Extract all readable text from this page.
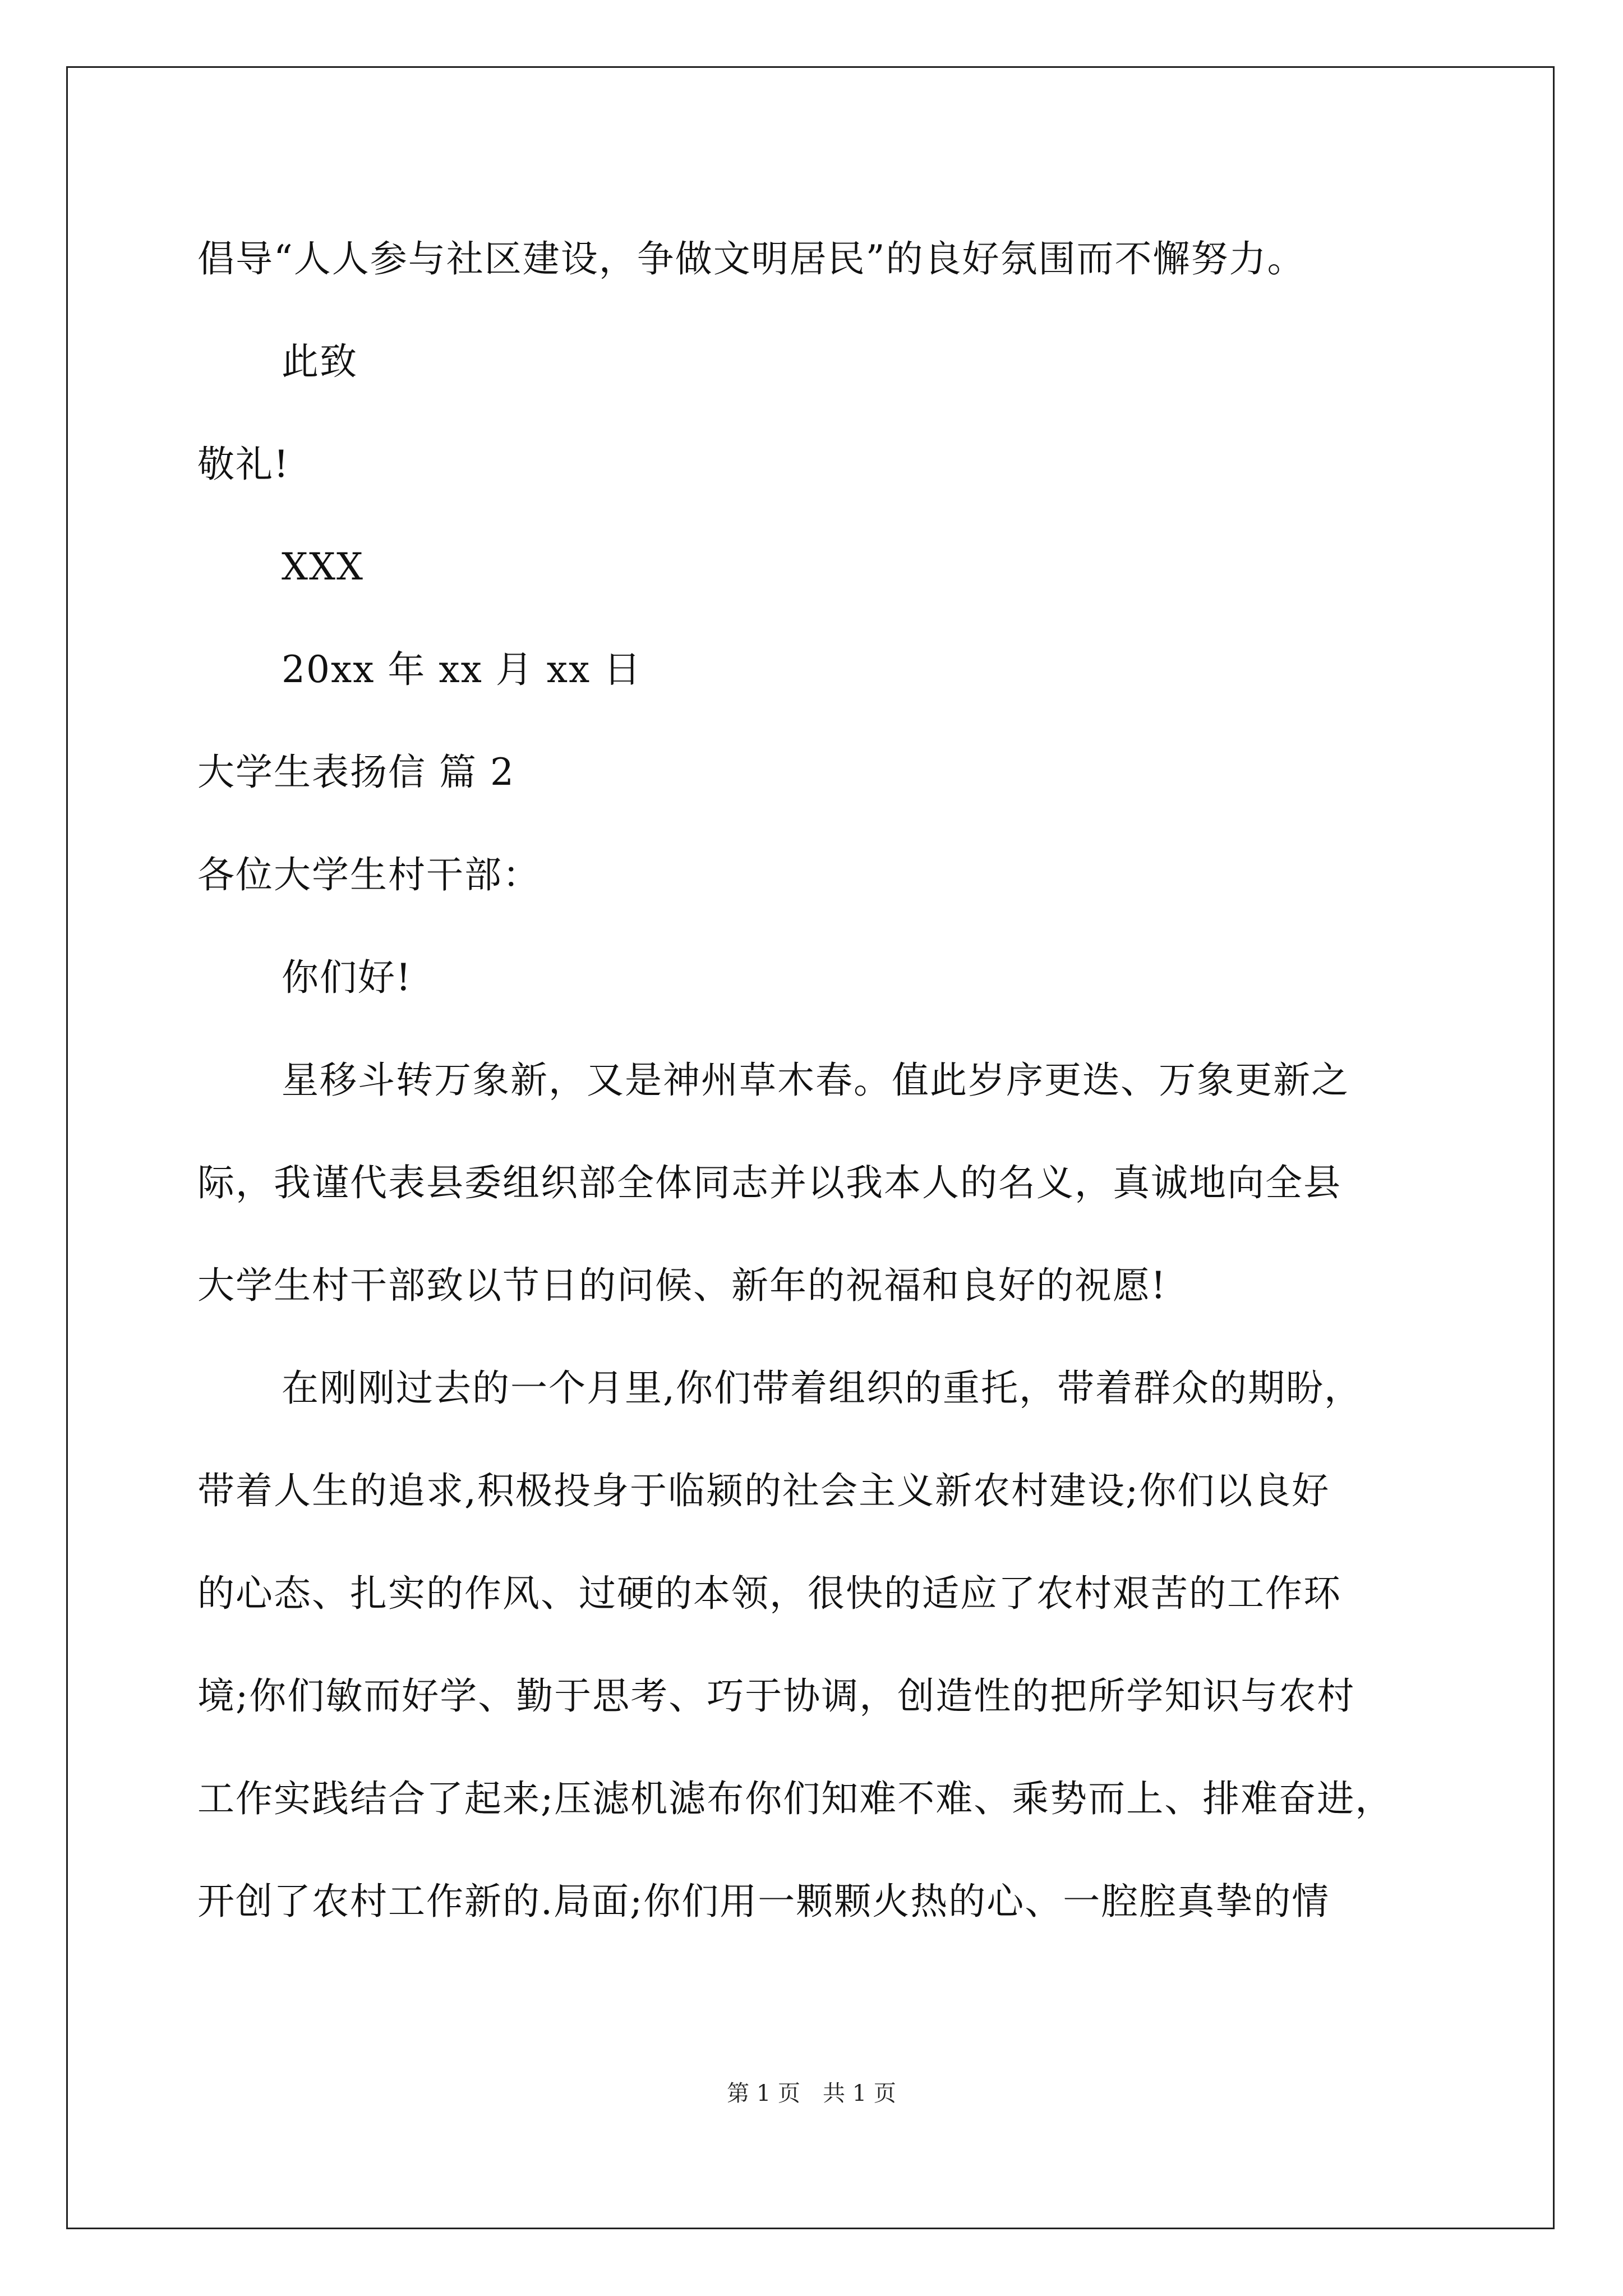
倡导“人人参与社区建设，争做文明居民”的良好氛围而不懈努力。
此致
敬礼!
XXX
20xx 年 xx 月 xx 日
大学生表扬信 篇 2
各位大学生村干部：
你们好!
星移斗转万象新，又是神州草木春。值此岁序更迭、万象更新之
际，我谨代表县委组织部全体同志并以我本人的名义，真诚地向全县
大学生村干部致以节日的问候、新年的祝福和良好的祝愿!
在刚刚过去的一个月里,你们带着组织的重托，带着群众的期盼，
带着人生的追求,积极投身于临颍的社会主义新农村建设;你们以良好
的心态、扎实的作风、过硬的本领，很快的适应了农村艰苦的工作环
境;你们敏而好学、勤于思考、巧于协调，创造性的把所学知识与农村
工作实践结合了起来;压滤机滤布你们知难不难、乘势而上、排难奋进，
开创了农村工作新的.局面;你们用一颗颗火热的心、一腔腔真挚的情
第 1 页　共 1 页
